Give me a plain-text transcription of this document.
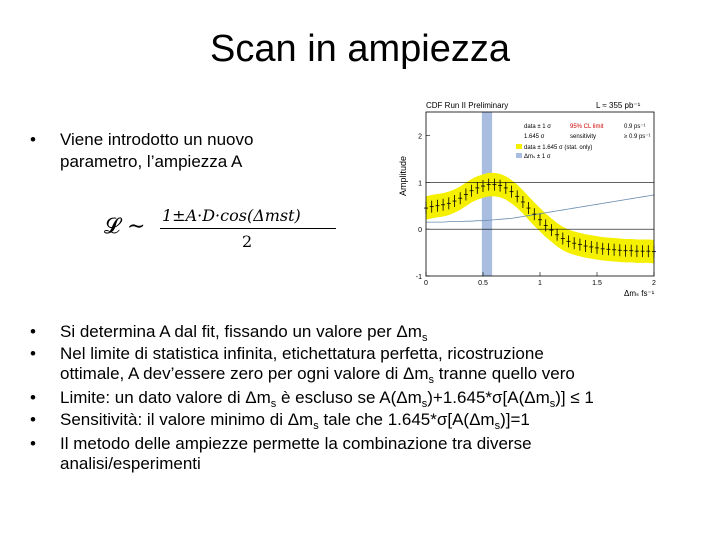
Scan in ampiezza
• Viene introdotto un nuovo
parametro, l’ampiezza A
𝓛 ∼ 1±A·D·cos(Δmst)
2
CDF Run II Preliminary	L ≈ 355 pb⁻¹
Amplitude
Δmₛ fs⁻¹
0	0.5	1	1.5	2
-1
0
1
2
data ± 1 σ	95% CL limit	0.9 ps⁻¹
1.645 σ	sensitivity	≥ 0.9 ps⁻¹
data ± 1.645 σ (stat. only)
Δmₛ ± 1 σ
• Si determina A dal fit, fissando un valore per $\Delta m_s$
• Nel limite di statistica infinita, etichettatura perfetta, ricostruzione
ottimale, A dev’essere zero per ogni valore di $\Delta m_s$ tranne quello vero
• Limite: un dato valore di $\Delta m_s$ è escluso se $A(\Delta m_s)+1.645*\sigma[A(\Delta m_s)] \le 1$
• Sensitività: il valore minimo di $\Delta m_s$ tale che $1.645*\sigma[A(\Delta m_s)]=1$
• Il metodo delle ampiezze permette la combinazione tra diverse
analisi/esperimenti
